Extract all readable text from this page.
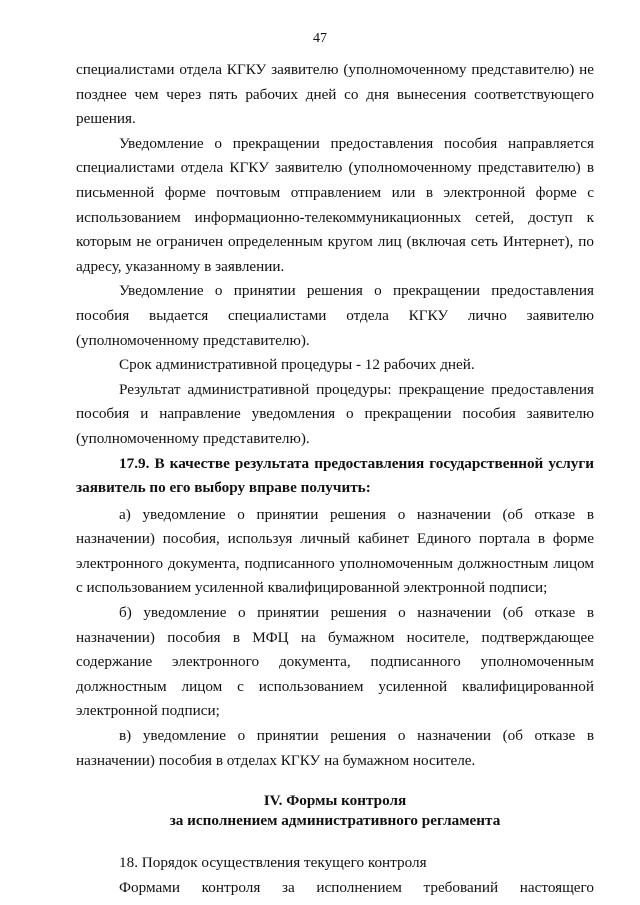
47

специалистами отдела КГКУ заявителю (уполномоченному представителю) не позднее чем через пять рабочих дней со дня вынесения соответствующего решения.

Уведомление о прекращении предоставления пособия направляется специалистами отдела КГКУ заявителю (уполномоченному представителю) в письменной форме почтовым отправлением или в электронной форме с использованием информационно-телекоммуникационных сетей, доступ к которым не ограничен определенным кругом лиц (включая сеть Интернет), по адресу, указанному в заявлении.

Уведомление о принятии решения о прекращении предоставления пособия выдается специалистами отдела КГКУ лично заявителю (уполномоченному представителю).

Срок административной процедуры - 12 рабочих дней.

Результат административной процедуры: прекращение предоставления пособия и направление уведомления о прекращении пособия заявителю (уполномоченному представителю).

17.9. В качестве результата предоставления государственной услуги заявитель по его выбору вправе получить:

а) уведомление о принятии решения о назначении (об отказе в назначении) пособия, используя личный кабинет Единого портала в форме электронного документа, подписанного уполномоченным должностным лицом с использованием усиленной квалифицированной электронной подписи;

б) уведомление о принятии решения о назначении (об отказе в назначении) пособия в МФЦ на бумажном носителе, подтверждающее содержание электронного документа, подписанного уполномоченным должностным лицом с использованием усиленной квалифицированной электронной подписи;

в) уведомление о принятии решения о назначении (об отказе в назначении) пособия в отделах КГКУ на бумажном носителе.

IV. Формы контроля
за исполнением административного регламента

18. Порядок осуществления текущего контроля

Формами контроля за исполнением требований настоящего
